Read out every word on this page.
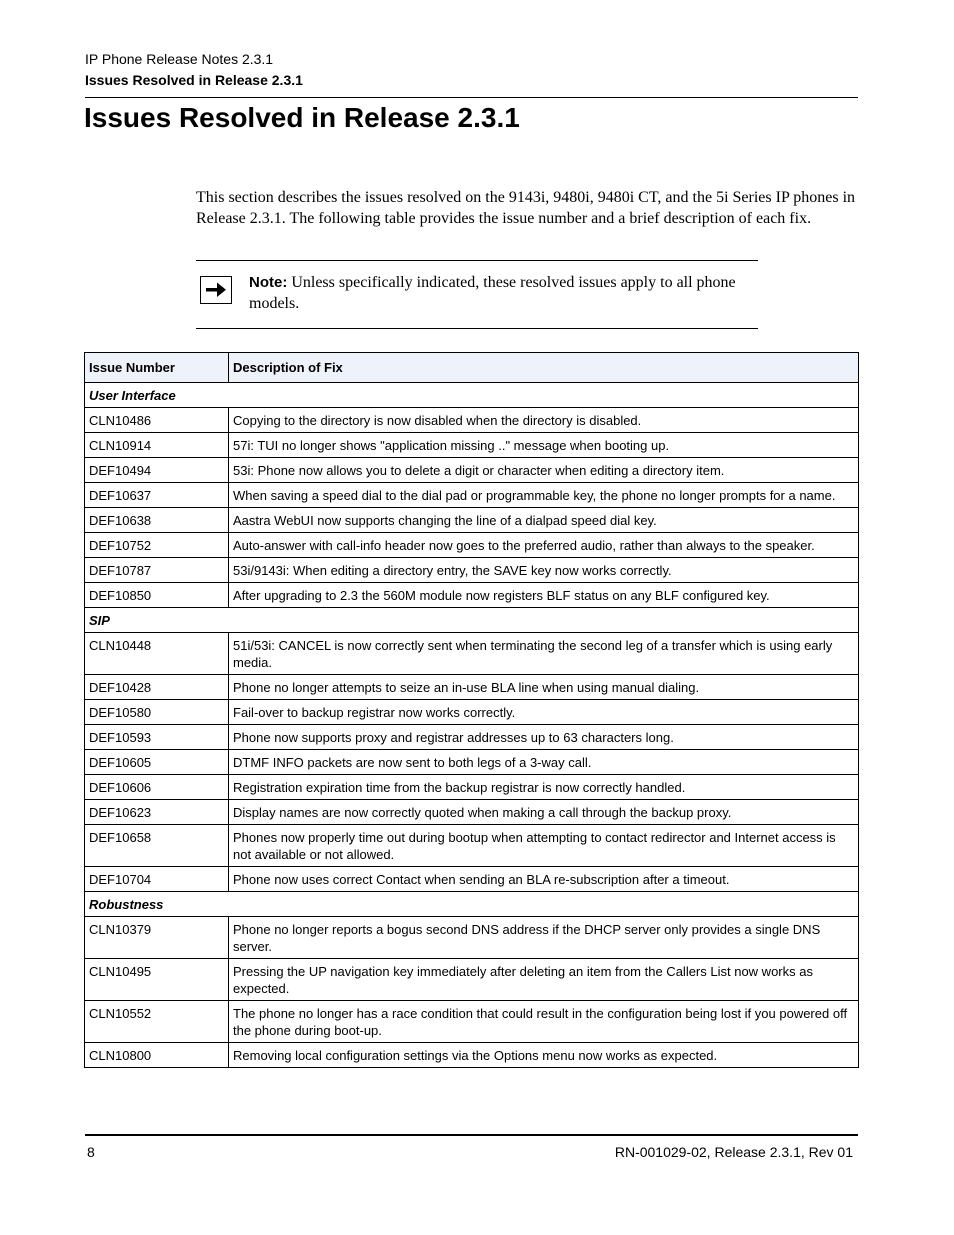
IP Phone Release Notes 2.3.1
Issues Resolved in Release 2.3.1
Issues Resolved in Release 2.3.1

This section describes the issues resolved on the 9143i, 9480i, 9480i CT, and the 5i Series IP phones in Release 2.3.1. The following table provides the issue number and a brief description of each fix.

Note: Unless specifically indicated, these resolved issues apply to all phone models.
Issue Number	Description of Fix
User Interface	
CLN10486	Copying to the directory is now disabled when the directory is disabled.
CLN10914	57i: TUI no longer shows "application missing .." message when booting up.
DEF10494	53i: Phone now allows you to delete a digit or character when editing a directory item.
DEF10637	When saving a speed dial to the dial pad or programmable key, the phone no longer prompts for a name.
DEF10638	Aastra WebUI now supports changing the line of a dialpad speed dial key.
DEF10752	Auto-answer with call-info header now goes to the preferred audio, rather than always to the speaker.
DEF10787	53i/9143i: When editing a directory entry, the SAVE key now works correctly.
DEF10850	After upgrading to 2.3 the 560M module now registers BLF status on any BLF configured key.
SIP	
CLN10448	51i/53i: CANCEL is now correctly sent when terminating the second leg of a transfer which is using early media.
DEF10428	Phone no longer attempts to seize an in-use BLA line when using manual dialing.
DEF10580	Fail-over to backup registrar now works correctly.
DEF10593	Phone now supports proxy and registrar addresses up to 63 characters long.
DEF10605	DTMF INFO packets are now sent to both legs of a 3-way call.
DEF10606	Registration expiration time from the backup registrar is now correctly handled.
DEF10623	Display names are now correctly quoted when making a call through the backup proxy.
DEF10658	Phones now properly time out during bootup when attempting to contact redirector and Internet access is not available or not allowed.
DEF10704	Phone now uses correct Contact when sending an BLA re-subscription after a timeout.
Robustness	
CLN10379	Phone no longer reports a bogus second DNS address if the DHCP server only provides a single DNS server.
CLN10495	Pressing the UP navigation key immediately after deleting an item from the Callers List now works as expected.
CLN10552	The phone no longer has a race condition that could result in the configuration being lost if you powered off the phone during boot-up.
CLN10800	Removing local configuration settings via the Options menu now works as expected.
8	RN-001029-02, Release 2.3.1, Rev 01
